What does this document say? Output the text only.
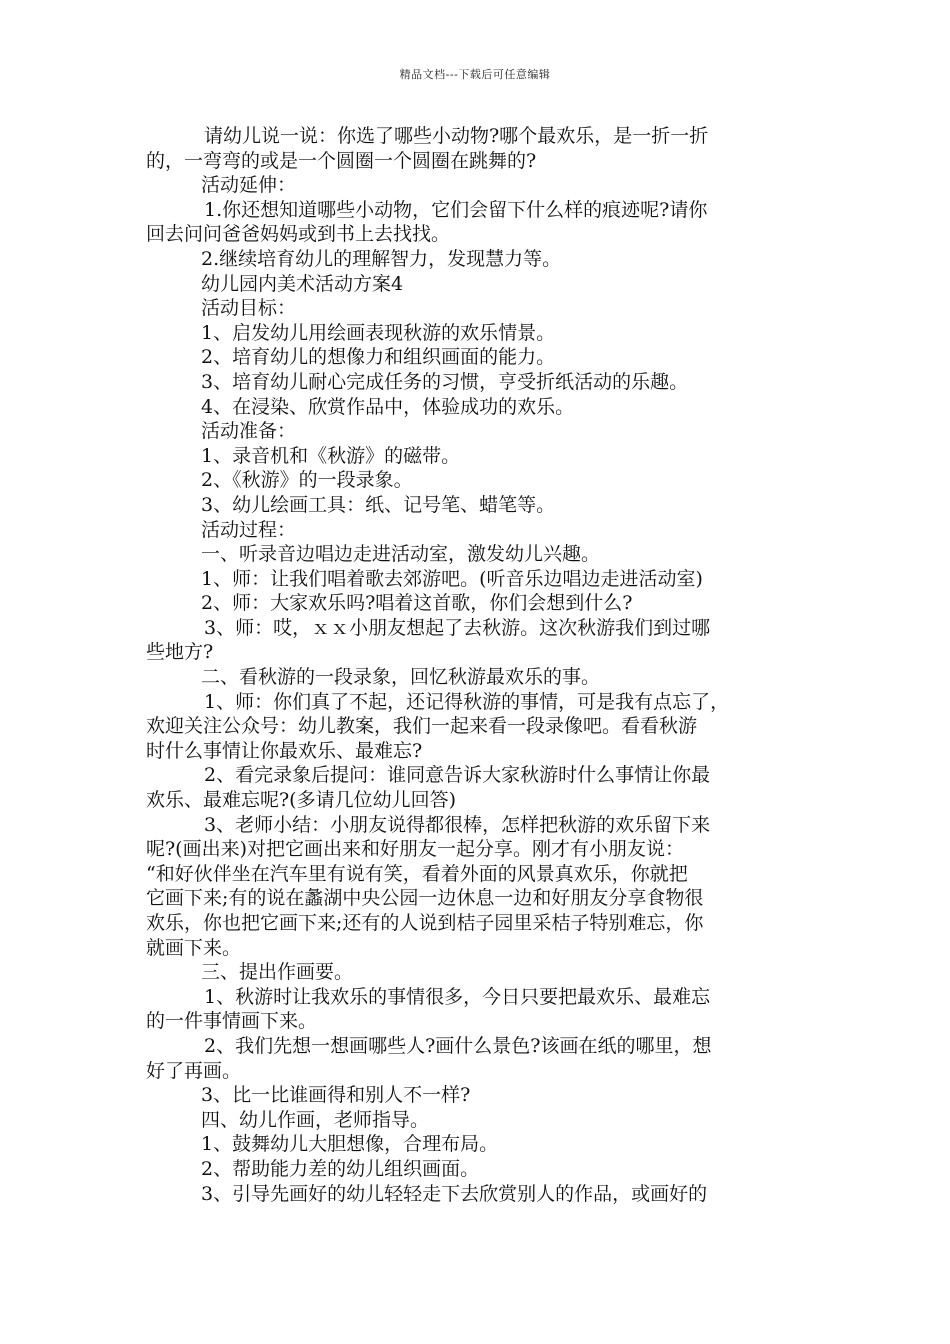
精品文档---下载后可任意编辑
请幼儿说一说：你选了哪些小动物?哪个最欢乐，是一折一折
的，一弯弯的或是一个圆圈一个圆圈在跳舞的?
活动延伸：
1.你还想知道哪些小动物，它们会留下什么样的痕迹呢?请你
回去问问爸爸妈妈或到书上去找找。
2.继续培育幼儿的理解智力，发现慧力等。
幼儿园内美术活动方案4
活动目标：
1、启发幼儿用绘画表现秋游的欢乐情景。
2、培育幼儿的想像力和组织画面的能力。
3、培育幼儿耐心完成任务的习惯，亨受折纸活动的乐趣。
4、在浸染、欣赏作品中，体验成功的欢乐。
活动准备：
1、录音机和《秋游》的磁带。
2、《秋游》的一段录象。
3、幼儿绘画工具：纸、记号笔、蜡笔等。
活动过程：
一、听录音边唱边走进活动室，激发幼儿兴趣。
1、师：让我们唱着歌去郊游吧。(听音乐边唱边走进活动室)
2、师：大家欢乐吗?唱着这首歌，你们会想到什么?
3、师：哎，ｘｘ小朋友想起了去秋游。这次秋游我们到过哪
些地方?
二、看秋游的一段录象，回忆秋游最欢乐的事。
1、师：你们真了不起，还记得秋游的事情，可是我有点忘了，
欢迎关注公众号：幼儿教案，我们一起来看一段录像吧。看看秋游
时什么事情让你最欢乐、最难忘?
2、看完录象后提问：谁同意告诉大家秋游时什么事情让你最
欢乐、最难忘呢?(多请几位幼儿回答)
3、老师小结：小朋友说得都很棒，怎样把秋游的欢乐留下来
呢?(画出来)对把它画出来和好朋友一起分享。刚才有小朋友说：
“和好伙伴坐在汽车里有说有笑，看着外面的风景真欢乐，你就把
它画下来;有的说在蠡湖中央公园一边休息一边和好朋友分享食物很
欢乐，你也把它画下来;还有的人说到桔子园里采桔子特别难忘，你
就画下来。
三、提出作画要。
1、秋游时让我欢乐的事情很多，今日只要把最欢乐、最难忘
的一件事情画下来。
2、我们先想一想画哪些人?画什么景色?该画在纸的哪里，想
好了再画。
3、比一比谁画得和别人不一样?
四、幼儿作画，老师指导。
1、鼓舞幼儿大胆想像，合理布局。
2、帮助能力差的幼儿组织画面。
3、引导先画好的幼儿轻轻走下去欣赏别人的作品，或画好的
